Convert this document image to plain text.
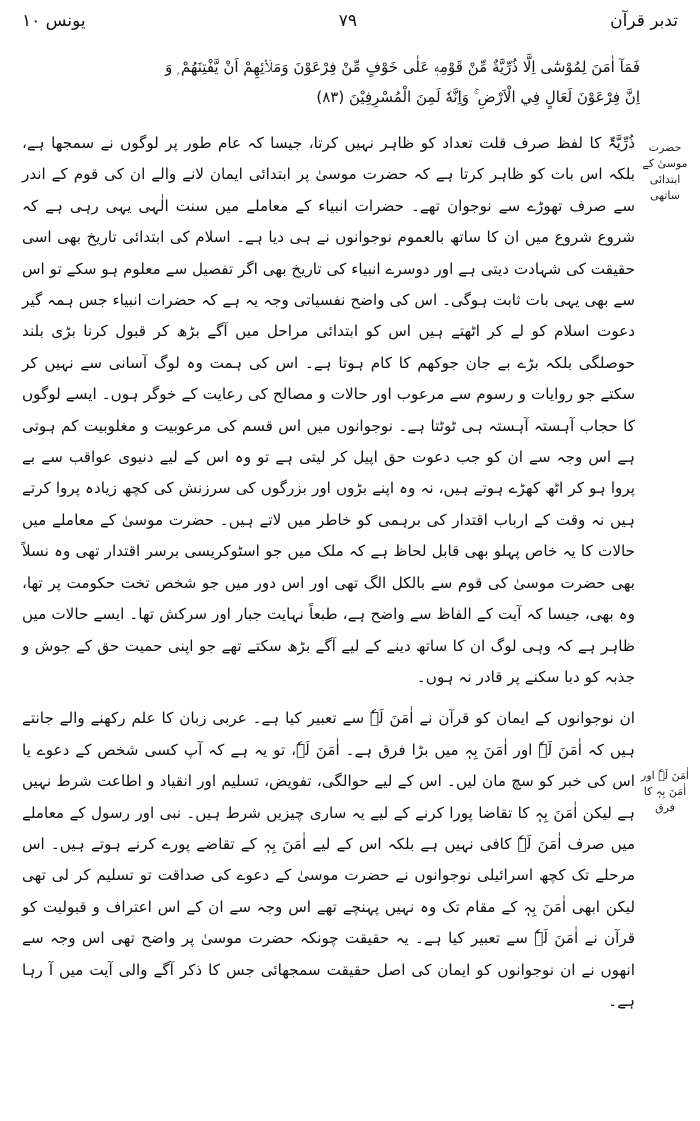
یونس ۱۰	۷۹	تدبر قرآن
فَمَآ اٰمَنَ لِمُوْسٰٓى اِلَّا ذُرِّيَّةٌ مِّنْ قَوْمِهٖ عَلٰى خَوْفٍ مِّنْ فِرْعَوْنَ وَمَلَا۟ئِهِمْ اَنْ يَّفْتِنَهُمْ ۭ وَ
اِنَّ فِرْعَوْنَ لَعَالٍ فِي الْاَرْضِ ۚ وَاِنَّهٗ لَمِنَ الْمُسْرِفِيْنَ (۸۳)
حضرت موسیٰ کے ابتدائی ساتھی
اٰمَنَ لَہٗ اور اٰمَنَ بِہٖ کا فرق

ذُرِّیَّۃٌ کا لفظ صرف قلت تعداد کو ظاہر نہیں کرتا، جیسا کہ عام طور پر لوگوں نے سمجھا ہے، بلکہ اس بات کو ظاہر کرتا ہے کہ حضرت موسیٰ پر ابتدائی ایمان لانے والے ان کی قوم کے اندر سے صرف تھوڑے سے نوجوان تھے۔ حضرات انبیاء کے معاملے میں سنت الٰہی یہی رہی ہے کہ شروع شروع میں ان کا ساتھ بالعموم نوجوانوں نے ہی دیا ہے۔ اسلام کی ابتدائی تاریخ بھی اسی حقیقت کی شہادت دیتی ہے اور دوسرے انبیاء کی تاریخ بھی اگر تفصیل سے معلوم ہو سکے تو اس سے بھی یہی بات ثابت ہوگی۔ اس کی واضح نفسیاتی وجہ یہ ہے کہ حضرات انبیاء جس ہمہ گیر دعوت اسلام کو لے کر اٹھتے ہیں اس کو ابتدائی مراحل میں آگے بڑھ کر قبول کرنا بڑی بلند حوصلگی بلکہ بڑے بے جان جوکھم کا کام ہوتا ہے۔ اس کی ہمت وہ لوگ آسانی سے نہیں کر سکتے جو روایات و رسوم سے مرعوب اور حالات و مصالح کی رعایت کے خوگر ہوں۔ ایسے لوگوں کا حجاب آہستہ آہستہ ہی ٹوٹتا ہے۔ نوجوانوں میں اس قسم کی مرعوبیت و مغلوبیت کم ہوتی ہے اس وجہ سے ان کو جب دعوت حق اپیل کر لیتی ہے تو وہ اس کے لیے دنیوی عواقب سے بے پروا ہو کر اٹھ کھڑے ہوتے ہیں، نہ وہ اپنے بڑوں اور بزرگوں کی سرزنش کی کچھ زیادہ پروا کرتے ہیں نہ وقت کے ارباب اقتدار کی برہمی کو خاطر میں لاتے ہیں۔ حضرت موسیٰ کے معاملے میں حالات کا یہ خاص پہلو بھی قابل لحاظ ہے کہ ملک میں جو اسٹوکریسی برسر اقتدار تھی وہ نسلاً بھی حضرت موسیٰ کی قوم سے بالکل الگ تھی اور اس دور میں جو شخص تخت حکومت پر تھا، وہ بھی، جیسا کہ آیت کے الفاظ سے واضح ہے، طبعاً نہایت جبار اور سرکش تھا۔ ایسے حالات میں ظاہر ہے کہ وہی لوگ ان کا ساتھ دینے کے لیے آگے بڑھ سکتے تھے جو اپنی حمیت حق کے جوش و جذبہ کو دبا سکنے پر قادر نہ ہوں۔

ان نوجوانوں کے ایمان کو قرآن نے اٰمَنَ لَہٗ سے تعبیر کیا ہے۔ عربی زبان کا علم رکھنے والے جانتے ہیں کہ اٰمَنَ لَہٗ اور اٰمَنَ بِہٖ میں بڑا فرق ہے۔ اٰمَنَ لَہٗ، تو یہ ہے کہ آپ کسی شخص کے دعوے یا اس کی خبر کو سچ مان لیں۔ اس کے لیے حوالگی، تفویض، تسلیم اور انقیاد و اطاعت شرط نہیں ہے لیکن اٰمَنَ بِہٖ کا تقاضا پورا کرنے کے لیے یہ ساری چیزیں شرط ہیں۔ نبی اور رسول کے معاملے میں صرف اٰمَنَ لَہٗ کافی نہیں ہے بلکہ اس کے لیے اٰمَنَ بِہٖ کے تقاضے پورے کرنے ہوتے ہیں۔ اس مرحلے تک کچھ اسرائیلی نوجوانوں نے حضرت موسیٰ کے دعوے کی صداقت تو تسلیم کر لی تھی لیکن ابھی اٰمَنَ بِہٖ کے مقام تک وہ نہیں پہنچے تھے اس وجہ سے ان کے اس اعتراف و قبولیت کو قرآن نے اٰمَنَ لَہٗ سے تعبیر کیا ہے۔ یہ حقیقت چونکہ حضرت موسیٰ پر واضح تھی اس وجہ سے انھوں نے ان نوجوانوں کو ایمان کی اصل حقیقت سمجھائی جس کا ذکر آگے والی آیت میں آ رہا ہے۔
